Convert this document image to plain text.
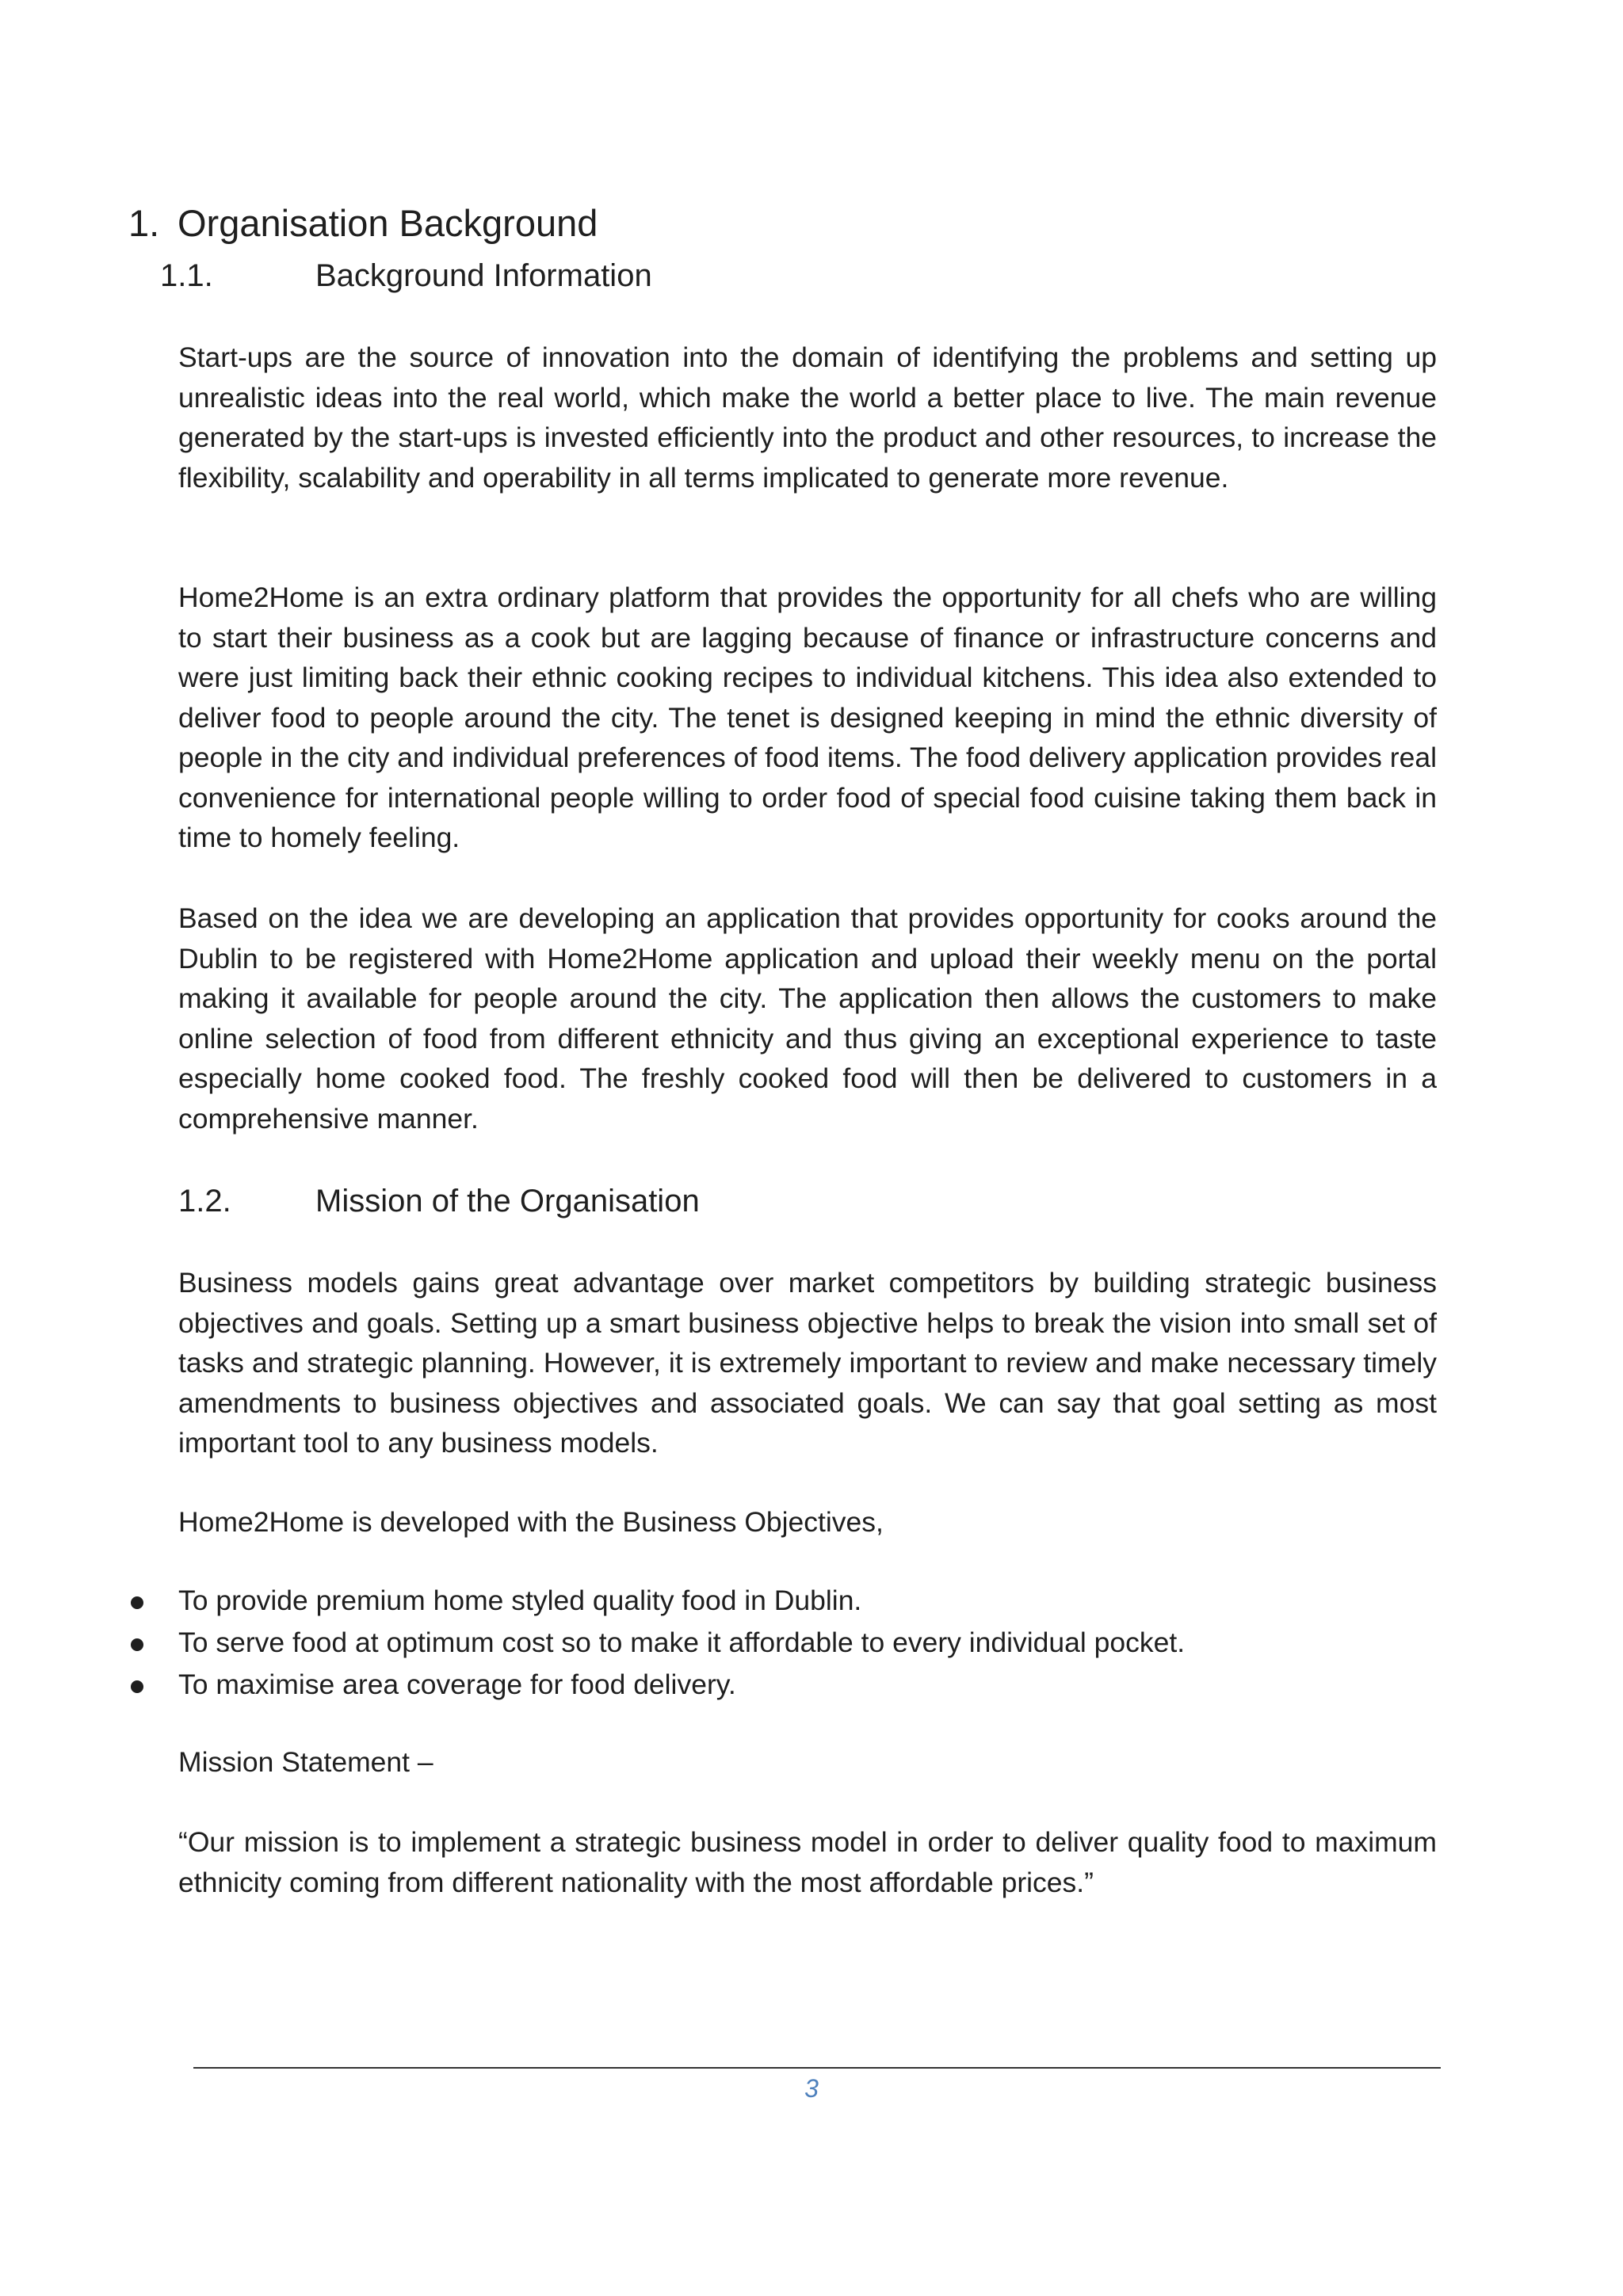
1. Organisation Background
1.1.	Background Information

Start-ups are the source of innovation into the domain of identifying the problems and setting up unrealistic ideas into the real world, which make the world a better place to live. The main revenue generated by the start-ups is invested efficiently into the product and other resources, to increase the flexibility, scalability and operability in all terms implicated to generate more revenue.

Home2Home is an extra ordinary platform that provides the opportunity for all chefs who are willing to start their business as a cook but are lagging because of finance or infrastructure concerns and were just limiting back their ethnic cooking recipes to individual kitchens. This idea also extended to deliver food to people around the city. The tenet is designed keeping in mind the ethnic diversity of people in the city and individual preferences of food items. The food delivery application provides real convenience for international people willing to order food of special food cuisine taking them back in time to homely feeling.

Based on the idea we are developing an application that provides opportunity for cooks around the Dublin to be registered with Home2Home application and upload their weekly menu on the portal making it available for people around the city. The application then allows the customers to make online selection of food from different ethnicity and thus giving an exceptional experience to taste especially home cooked food. The freshly cooked food will then be delivered to customers in a comprehensive manner.

1.2.	Mission of the Organisation

Business models gains great advantage over market competitors by building strategic business objectives and goals. Setting up a smart business objective helps to break the vision into small set of tasks and strategic planning. However, it is extremely important to review and make necessary timely amendments to business objectives and associated goals. We can say that goal setting as most important tool to any business models.

Home2Home is developed with the Business Objectives,

To provide premium home styled quality food in Dublin.
To serve food at optimum cost so to make it affordable to every individual pocket.
To maximise area coverage for food delivery.

Mission Statement –

“Our mission is to implement a strategic business model in order to deliver quality food to maximum ethnicity coming from different nationality with the most affordable prices.”

3
